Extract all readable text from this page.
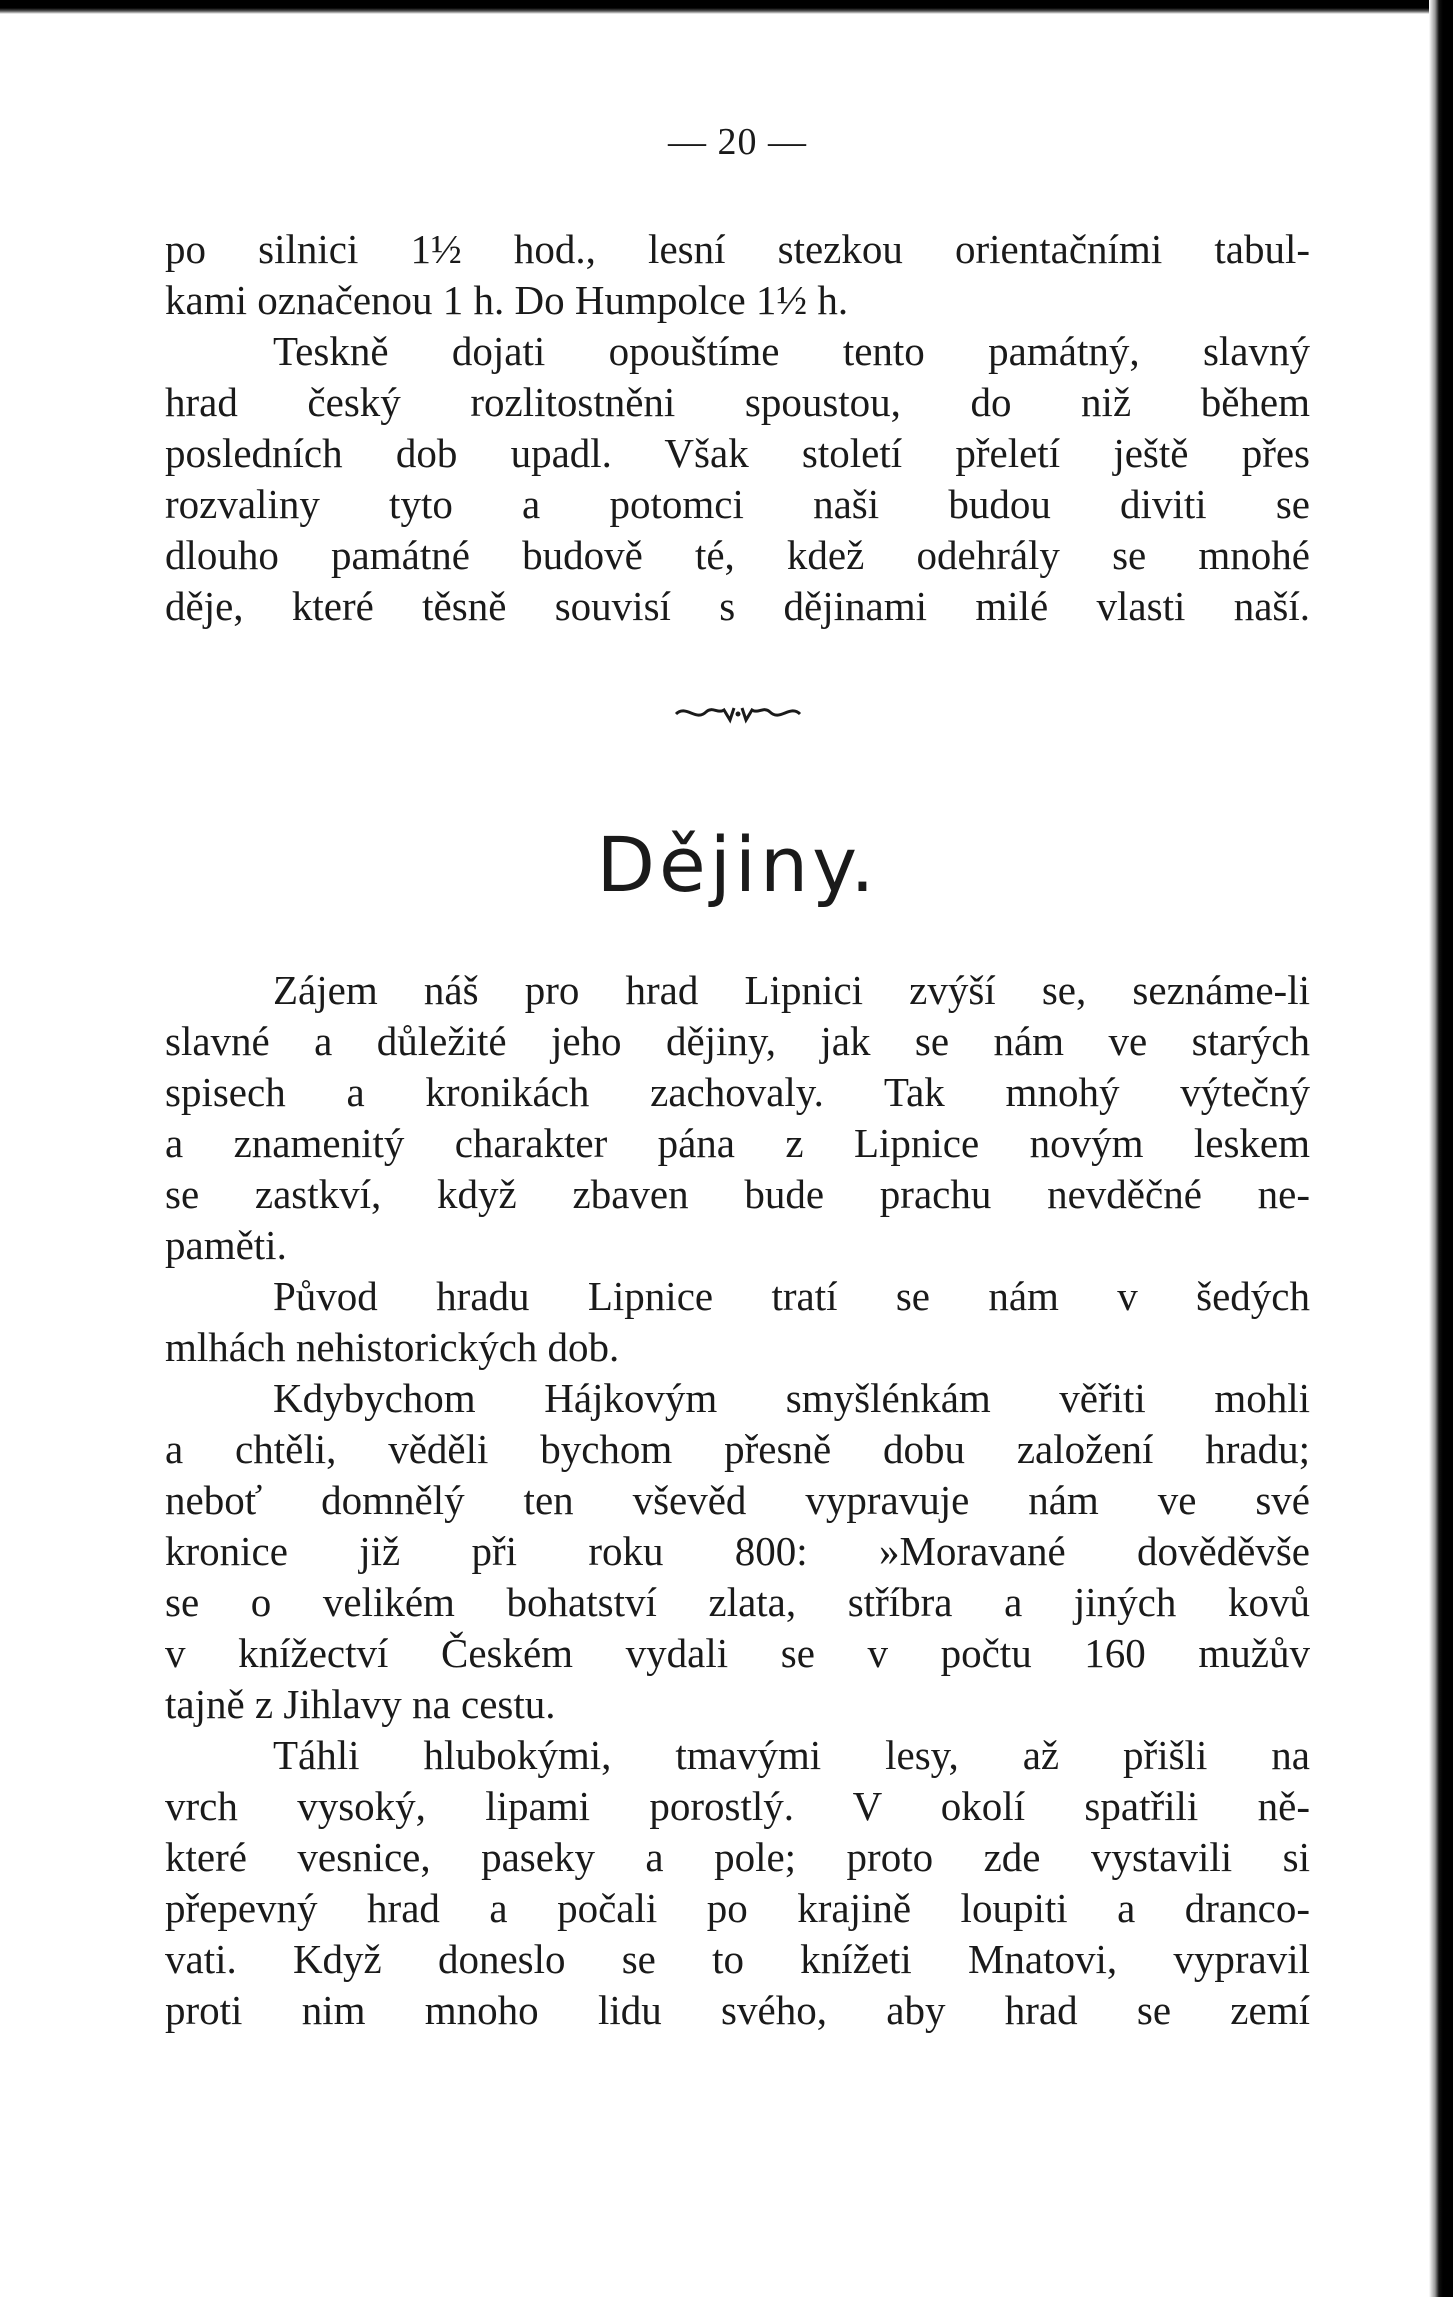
— 20 —

po silnici 1½ hod., lesní stezkou orientačními tabul-
kami označenou 1 h. Do Humpolce 1½ h.

Teskně dojati opouštíme tento památný, slavný
hrad český rozlitostněni spoustou, do niž během
posledních dob upadl. Však století přeletí ještě přes
rozvaliny tyto a potomci naši budou diviti se
dlouho památné budově té, kdež odehrály se mnohé
děje, které těsně souvisí s dějinami milé vlasti naší.

Dějiny.

Zájem náš pro hrad Lipnici zvýší se, seznáme-li
slavné a důležité jeho dějiny, jak se nám ve starých
spisech a kronikách zachovaly. Tak mnohý výtečný
a znamenitý charakter pána z Lipnice novým leskem
se zastkví, když zbaven bude prachu nevděčné ne-
paměti.

Původ hradu Lipnice tratí se nám v šedých
mlhách nehistorických dob.

Kdybychom Hájkovým smyšlénkám věřiti mohli
a chtěli, věděli bychom přesně dobu založení hradu;
neboť domnělý ten vševěd vypravuje nám ve své
kronice již při roku 800: »Moravané dověděvše
se o velikém bohatství zlata, stříbra a jiných kovů
v knížectví Českém vydali se v počtu 160 mužův
tajně z Jihlavy na cestu.

Táhli hlubokými, tmavými lesy, až přišli na
vrch vysoký, lipami porostlý. V okolí spatřili ně-
které vesnice, paseky a pole; proto zde vystavili si
přepevný hrad a počali po krajině loupiti a dranco-
vati. Když doneslo se to knížeti Mnatovi, vypravil
proti nim mnoho lidu svého, aby hrad se zemí
